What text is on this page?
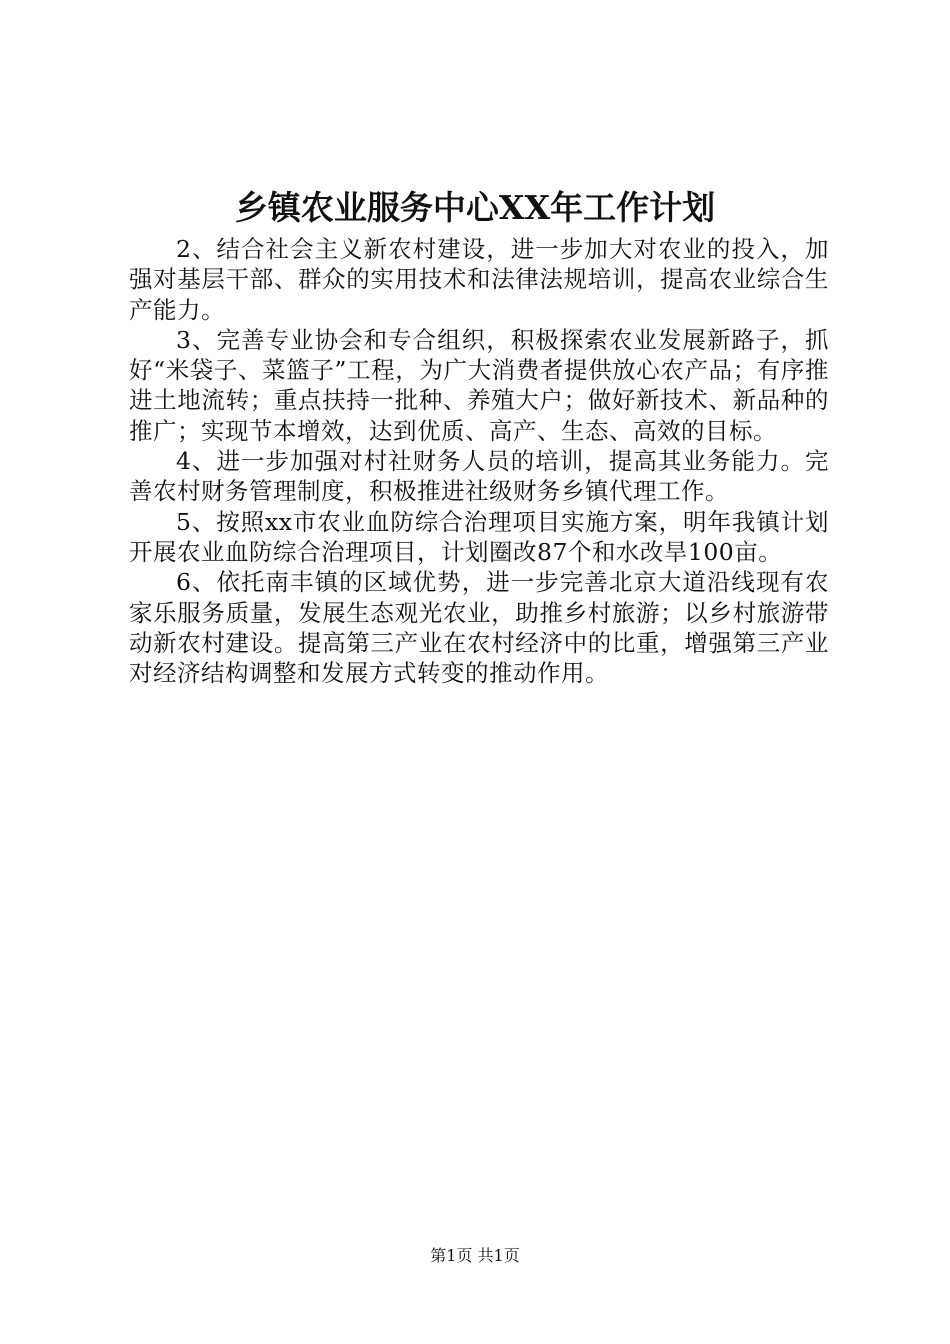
乡镇农业服务中心XX年工作计划

2、结合社会主义新农村建设，进一步加大对农业的投入，加强对基层干部、群众的实用技术和法律法规培训，提高农业综合生产能力。

3、完善专业协会和专合组织，积极探索农业发展新路子，抓好“米袋子、菜篮子”工程，为广大消费者提供放心农产品；有序推进土地流转；重点扶持一批种、养殖大户；做好新技术、新品种的推广；实现节本增效，达到优质、高产、生态、高效的目标。

4、进一步加强对村社财务人员的培训，提高其业务能力。完善农村财务管理制度，积极推进社级财务乡镇代理工作。

5、按照xx市农业血防综合治理项目实施方案，明年我镇计划开展农业血防综合治理项目，计划圈改87个和水改旱100亩。

6、依托南丰镇的区域优势，进一步完善北京大道沿线现有农家乐服务质量，发展生态观光农业，助推乡村旅游；以乡村旅游带动新农村建设。提高第三产业在农村经济中的比重，增强第三产业对经济结构调整和发展方式转变的推动作用。

第1页 共1页
